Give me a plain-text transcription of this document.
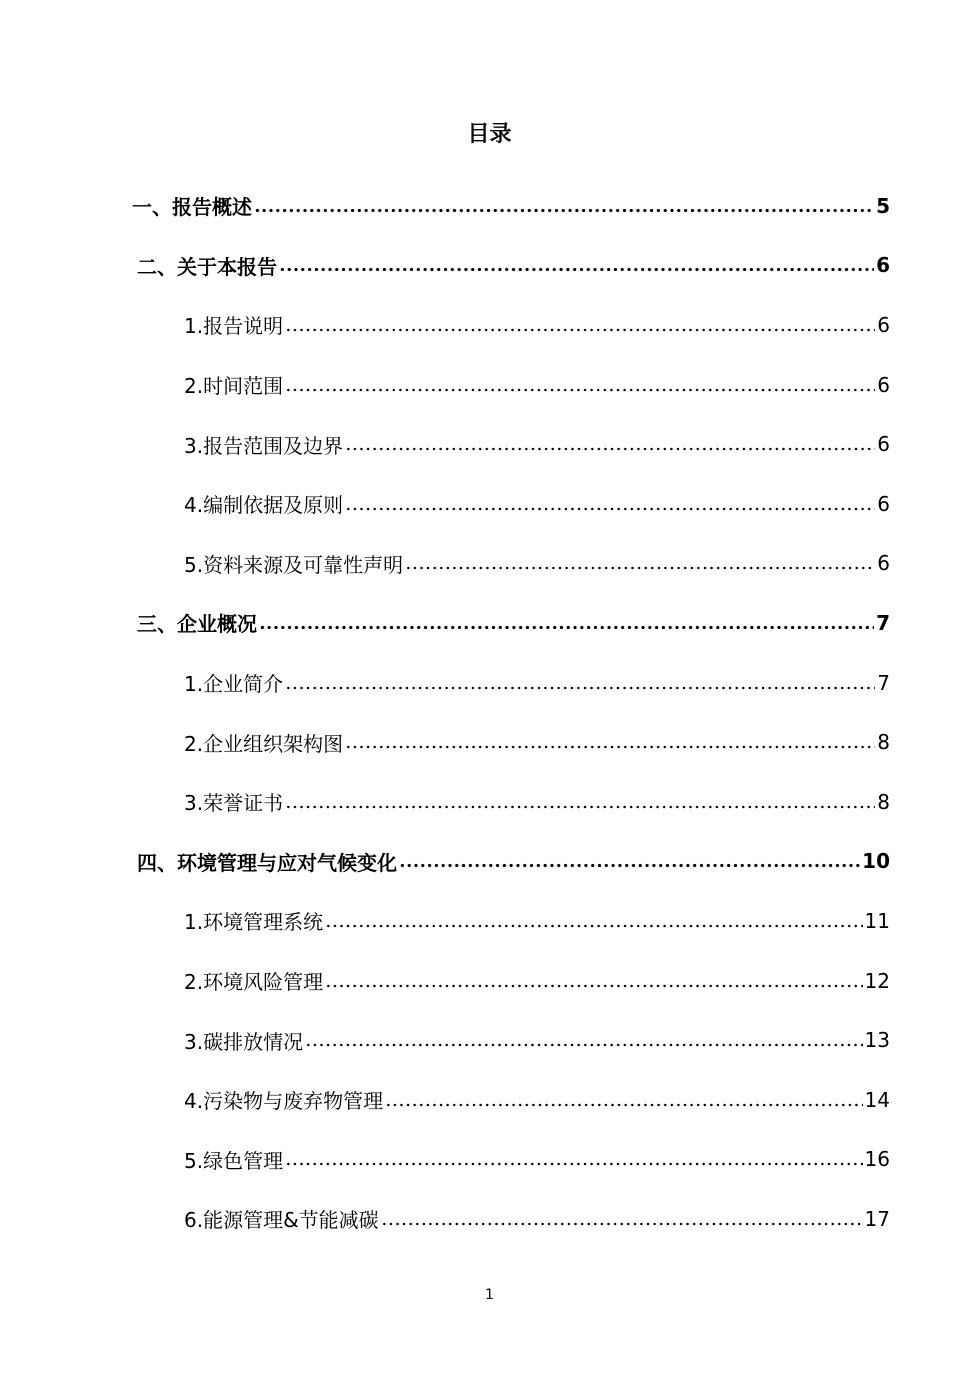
目录
一、报告概述	5
二、关于本报告	6
1.报告说明	6
2.时间范围	6
3.报告范围及边界	6
4.编制依据及原则	6
5.资料来源及可靠性声明	6
三、企业概况	7
1.企业简介	7
2.企业组织架构图	8
3.荣誉证书	8
四、环境管理与应对气候变化	10
1.环境管理系统	11
2.环境风险管理	12
3.碳排放情况	13
4.污染物与废弃物管理	14
5.绿色管理	16
6.能源管理&节能减碳	17
1
